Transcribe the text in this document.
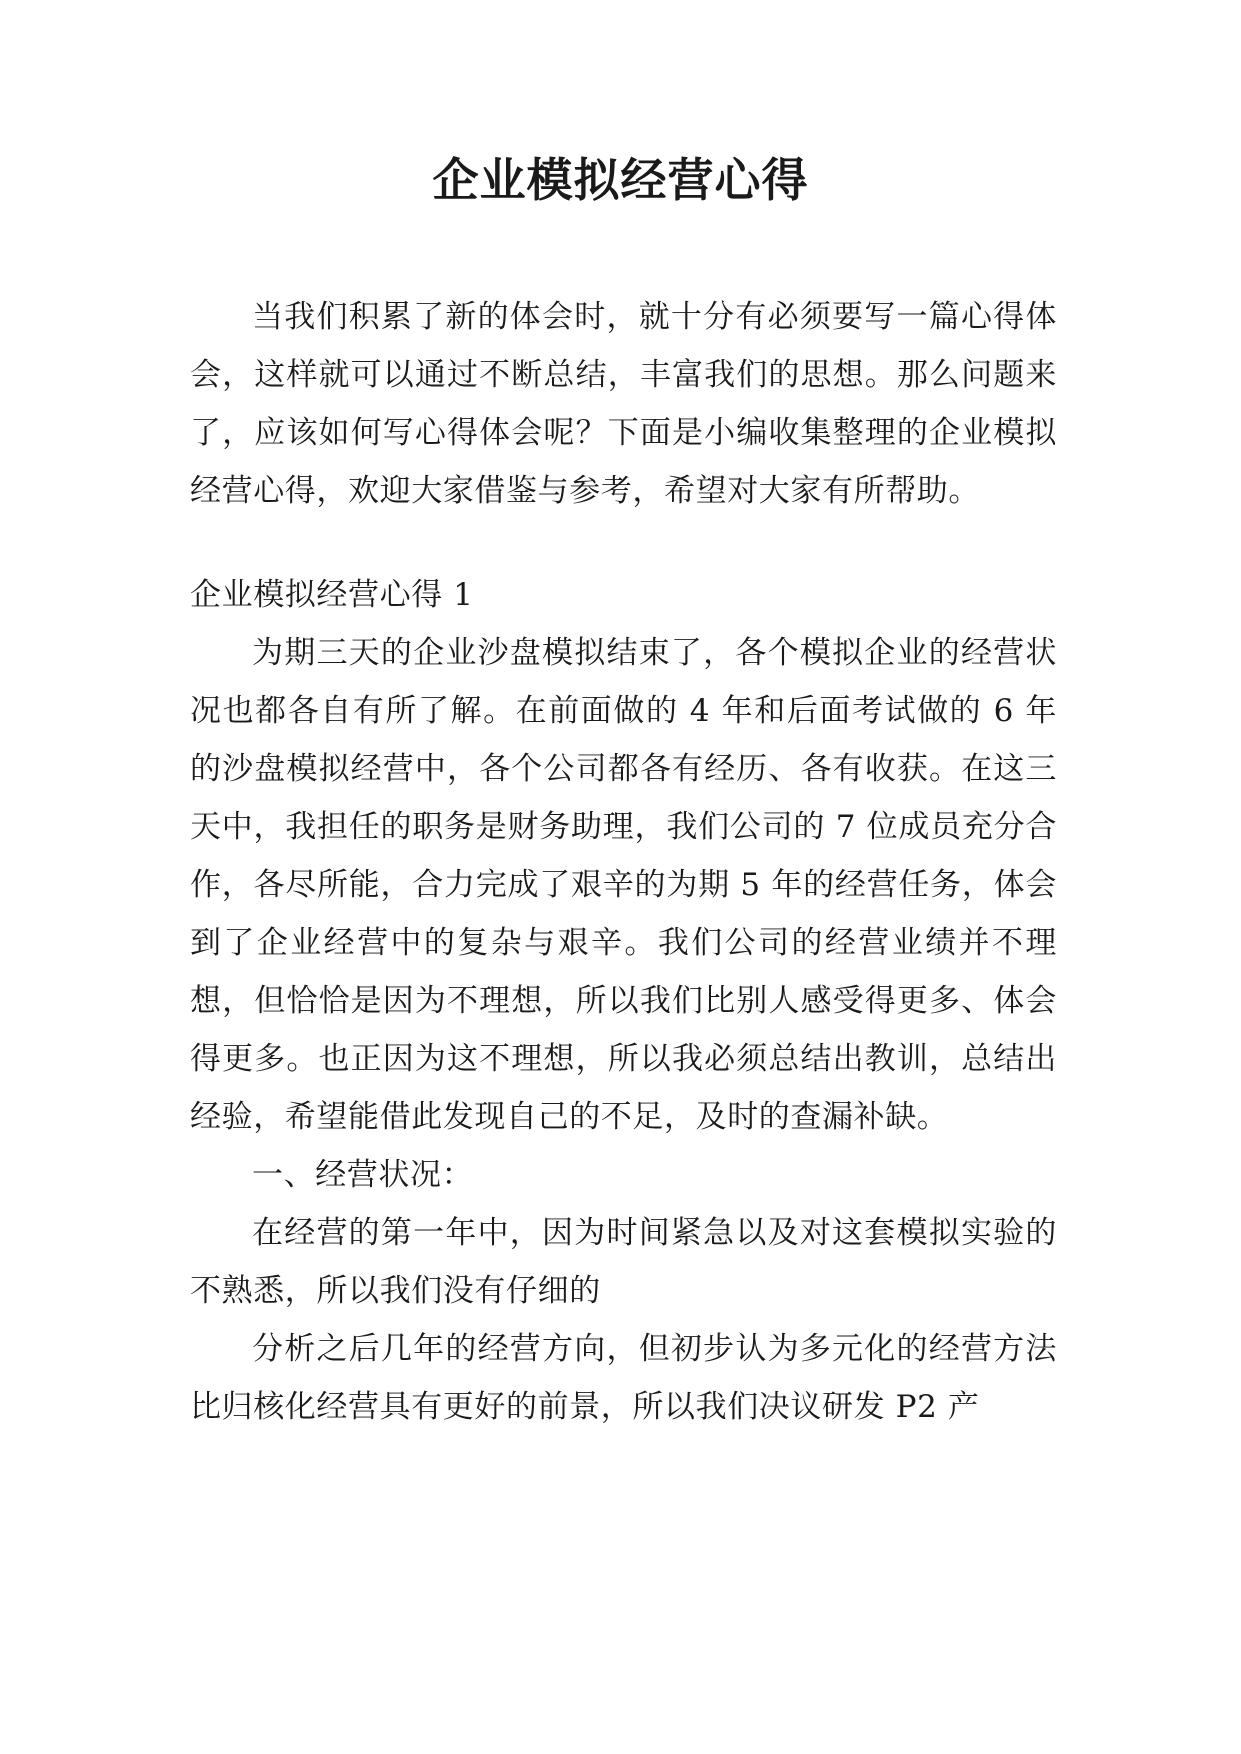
企业模拟经营心得

当我们积累了新的体会时，就十分有必须要写一篇心得体会，这样就可以通过不断总结，丰富我们的思想。那么问题来了，应该如何写心得体会呢？下面是小编收集整理的企业模拟经营心得，欢迎大家借鉴与参考，希望对大家有所帮助。

企业模拟经营心得 1

为期三天的企业沙盘模拟结束了，各个模拟企业的经营状况也都各自有所了解。在前面做的 4 年和后面考试做的 6 年的沙盘模拟经营中，各个公司都各有经历、各有收获。在这三天中，我担任的职务是财务助理，我们公司的 7 位成员充分合作，各尽所能，合力完成了艰辛的为期 5 年的经营任务，体会到了企业经营中的复杂与艰辛。我们公司的经营业绩并不理想，但恰恰是因为不理想，所以我们比别人感受得更多、体会得更多。也正因为这不理想，所以我必须总结出教训，总结出经验，希望能借此发现自己的不足，及时的查漏补缺。

一、经营状况：

在经营的第一年中，因为时间紧急以及对这套模拟实验的不熟悉，所以我们没有仔细的

分析之后几年的经营方向，但初步认为多元化的经营方法比归核化经营具有更好的前景，所以我们决议研发 P2 产
